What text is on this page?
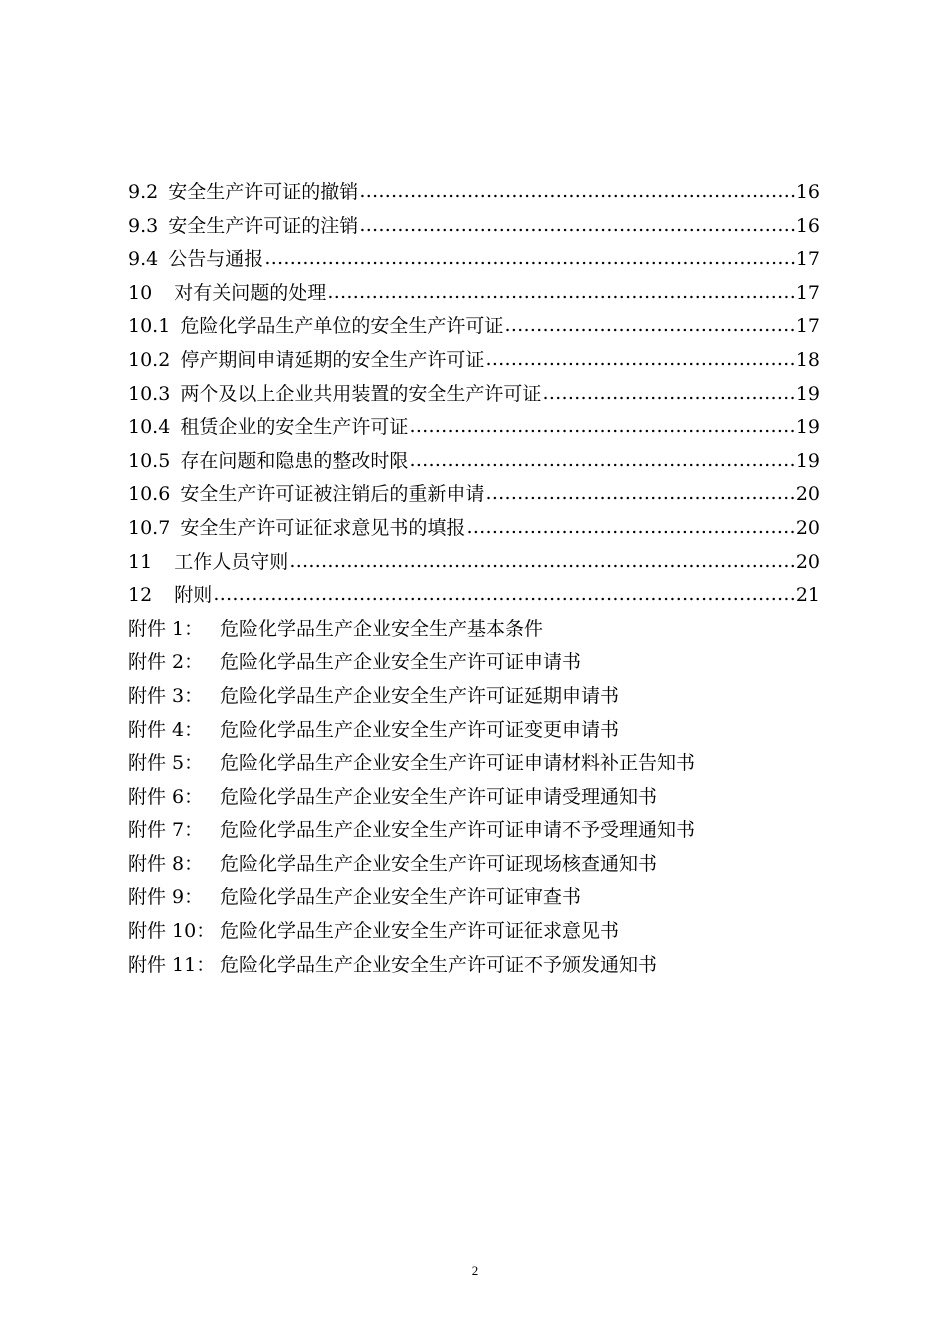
9.2 安全生产许可证的撤销 ………………………………………………………………………………………………………………………………………………………………	16
9.3 安全生产许可证的注销 ………………………………………………………………………………………………………………………………………………………………	16
9.4 公告与通报 ………………………………………………………………………………………………………………………………………………………………	17
10 对有关问题的处理 ………………………………………………………………………………………………………………………………………………………………	17
10.1 危险化学品生产单位的安全生产许可证 ………………………………………………………………………………………………………………………………………………………………	17
10.2 停产期间申请延期的安全生产许可证 ………………………………………………………………………………………………………………………………………………………………	18
10.3 两个及以上企业共用装置的安全生产许可证 ………………………………………………………………………………………………………………………………………………………………	19
10.4 租赁企业的安全生产许可证 ………………………………………………………………………………………………………………………………………………………………	19
10.5 存在问题和隐患的整改时限 ………………………………………………………………………………………………………………………………………………………………	19
10.6 安全生产许可证被注销后的重新申请 ………………………………………………………………………………………………………………………………………………………………	20
10.7 安全生产许可证征求意见书的填报 ………………………………………………………………………………………………………………………………………………………………	20
11 工作人员守则 ………………………………………………………………………………………………………………………………………………………………	20
12 附则 ………………………………………………………………………………………………………………………………………………………………	21
附件 1： 危险化学品生产企业安全生产基本条件
附件 2： 危险化学品生产企业安全生产许可证申请书
附件 3： 危险化学品生产企业安全生产许可证延期申请书
附件 4： 危险化学品生产企业安全生产许可证变更申请书
附件 5： 危险化学品生产企业安全生产许可证申请材料补正告知书
附件 6： 危险化学品生产企业安全生产许可证申请受理通知书
附件 7： 危险化学品生产企业安全生产许可证申请不予受理通知书
附件 8： 危险化学品生产企业安全生产许可证现场核查通知书
附件 9： 危险化学品生产企业安全生产许可证审查书
附件 10： 危险化学品生产企业安全生产许可证征求意见书
附件 11： 危险化学品生产企业安全生产许可证不予颁发通知书
2
